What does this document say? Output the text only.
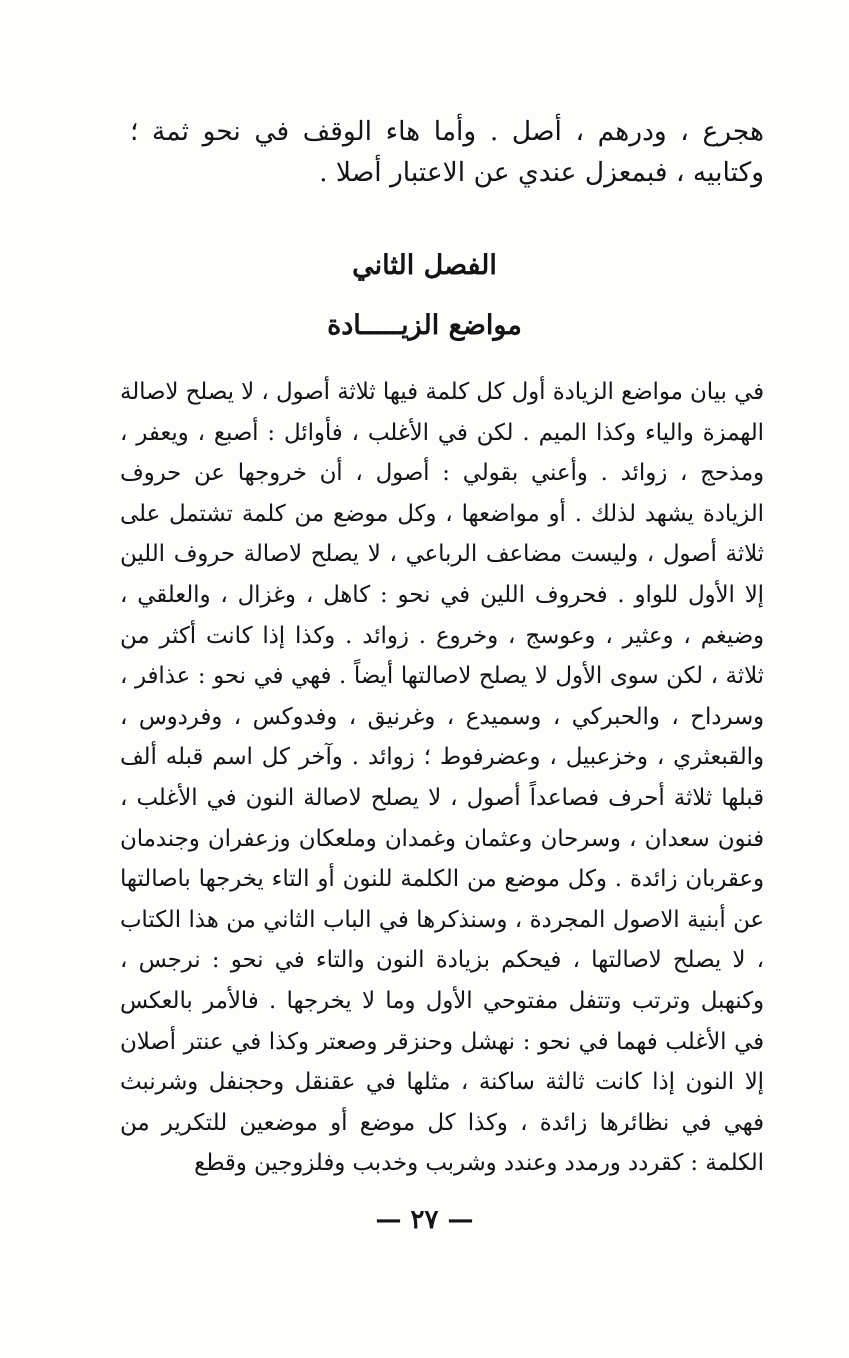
هجرع ، ودرهم ، أصل . وأما هاء الوقف في نحو ثمة ؛ وكتابيه ، فبمعزل عندي عن الاعتبار أصلا .

الفصل الثاني
مواضع الزيـــــادة

في بيان مواضع الزيادة أول كل كلمة فيها ثلاثة أصول ، لا يصلح لاصالة الهمزة والياء وكذا الميم . لكن في الأغلب ، فأوائل : أصبع ، ويعفر ، ومذحج ، زوائد . وأعني بقولي : أصول ، أن خروجها عن حروف الزيادة يشهد لذلك . أو مواضعها ، وكل موضع من كلمة تشتمل على ثلاثة أصول ، وليست مضاعف الرباعي ، لا يصلح لاصالة حروف اللين إلا الأول للواو . فحروف اللين في نحو : كاهل ، وغزال ، والعلقي ، وضيغم ، وعثير ، وعوسج ، وخروع . زوائد . وكذا إذا كانت أكثر من ثلاثة ، لكن سوى الأول لا يصلح لاصالتها أيضاً . فهي في نحو : عذافر ، وسرداح ، والحبركي ، وسميدع ، وغرنيق ، وفدوكس ، وفردوس ، والقبعثري ، وخزعبيل ، وعضرفوط ؛ زوائد . وآخر كل اسم قبله ألف قبلها ثلاثة أحرف فصاعداً أصول ، لا يصلح لاصالة النون في الأغلب ، فنون سعدان ، وسرحان وعثمان وغمدان وملعكان وزعفران وجندمان وعقربان زائدة . وكل موضع من الكلمة للنون أو التاء يخرجها باصالتها عن أبنية الاصول المجردة ، وسنذكرها في الباب الثاني من هذا الكتاب ، لا يصلح لاصالتها ، فيحكم بزيادة النون والتاء في نحو : نرجس ، وكنهبل وترتب وتتفل مفتوحي الأول وما لا يخرجها . فالأمر بالعكس في الأغلب فهما في نحو : نهشل وحنزقر وصعتر وكذا في عنتر أصلان إلا النون إذا كانت ثالثة ساكنة ، مثلها في عقنقل وحجنفل وشرنبث فهي في نظائرها زائدة ، وكذا كل موضع أو موضعين للتكرير من الكلمة : كقردد ورمدد وعندد وشربب وخدبب وفلزوجين وقطع

— ٢٧ —
